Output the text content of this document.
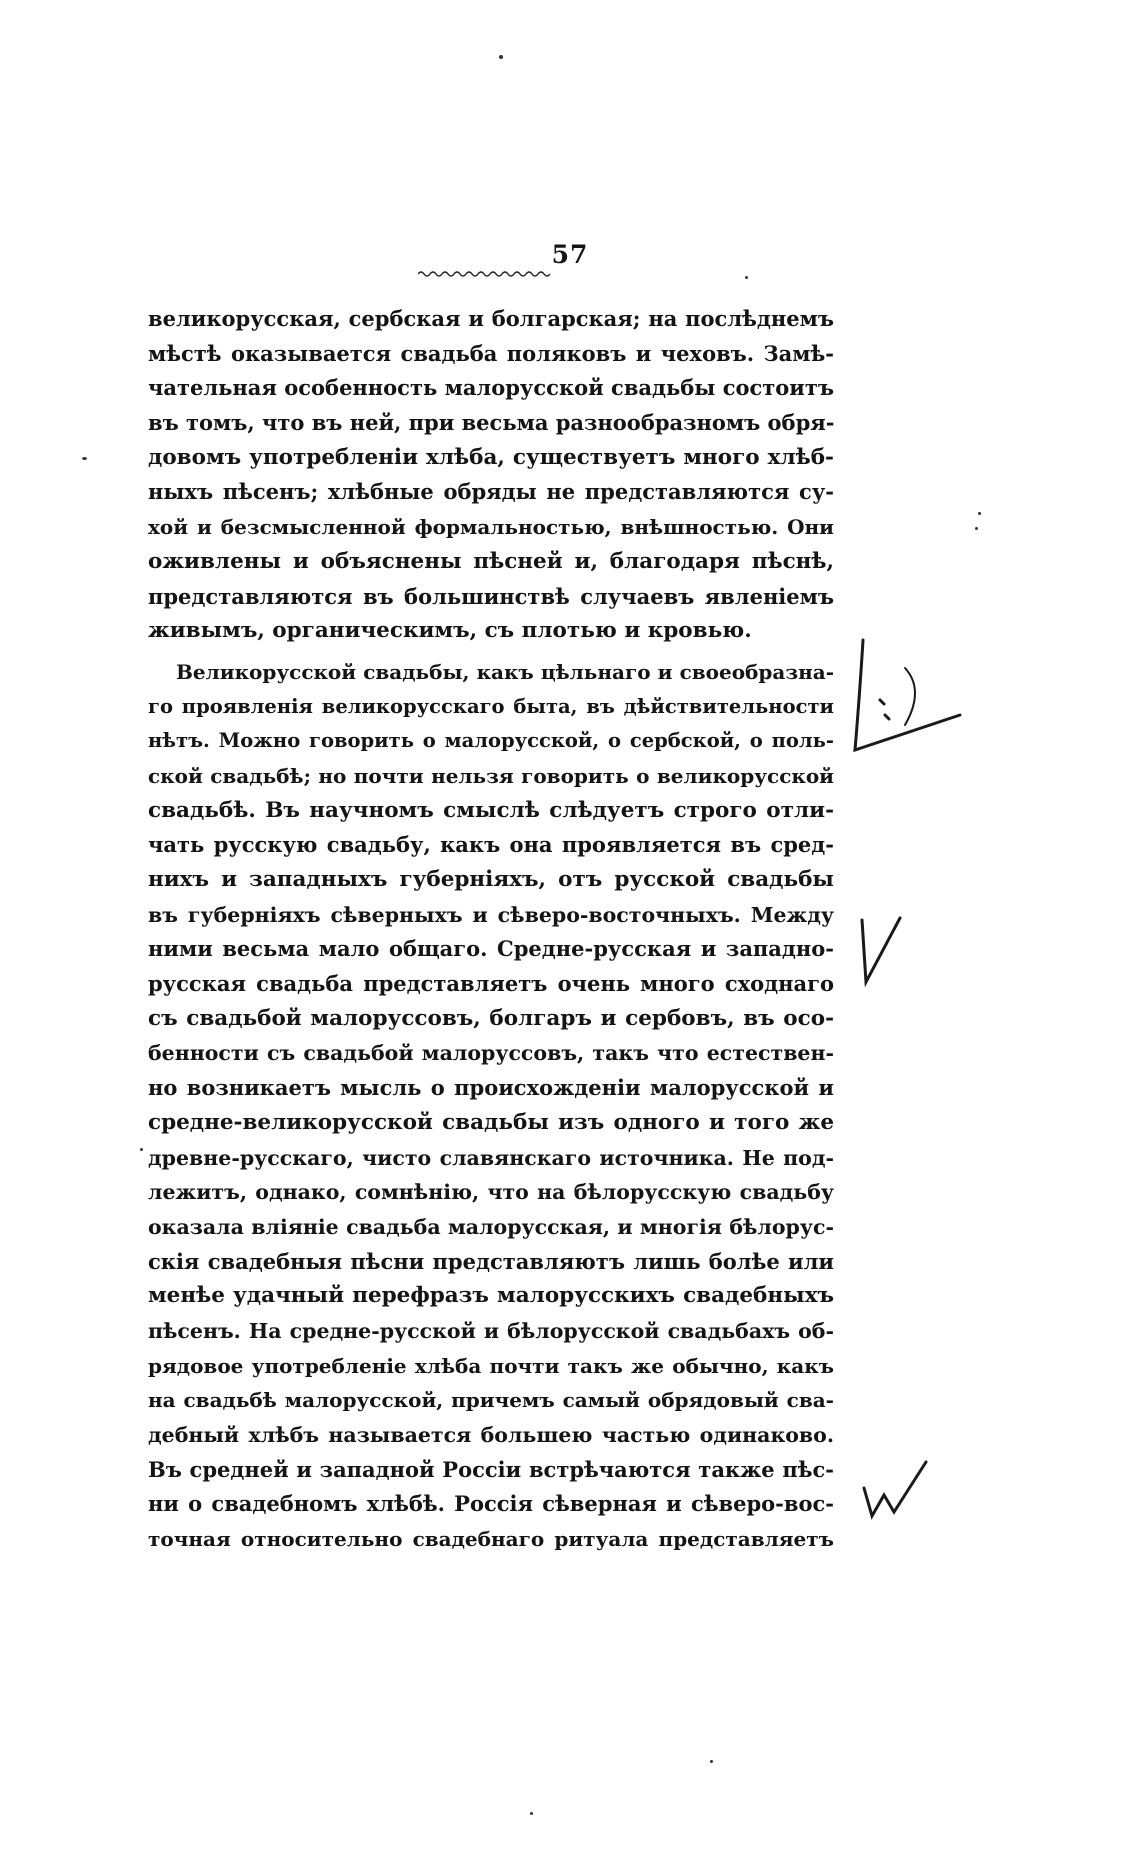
57
великорусская, сербская и болгарская; на послѣднемъ
мѣстѣ оказывается свадьба поляковъ и чеховъ. Замѣ-
чательная особенность малорусской свадьбы состоитъ
въ томъ, что въ ней, при весьма разнообразномъ обря-
довомъ употребленіи хлѣба, существуетъ много хлѣб-
ныхъ пѣсенъ; хлѣбные обряды не представляются су-
хой и безсмысленной формальностью, внѣшностью. Они
оживлены и объяснены пѣсней и, благодаря пѣснѣ,
представляются въ большинствѣ случаевъ явленіемъ
живымъ, органическимъ, съ плотью и кровью.
Великорусской свадьбы, какъ цѣльнаго и своеобразна-
го проявленія великорусскаго быта, въ дѣйствительности
нѣтъ. Можно говорить о малорусской, о сербской, о поль-
ской свадьбѣ; но почти нельзя говорить о великорусской
свадьбѣ. Въ научномъ смыслѣ слѣдуетъ строго отли-
чать русскую свадьбу, какъ она проявляется въ сред-
нихъ и западныхъ губерніяхъ, отъ русской свадьбы
въ губерніяхъ сѣверныхъ и сѣверо-восточныхъ. Между
ними весьма мало общаго. Средне-русская и западно-
русская свадьба представляетъ очень много сходнаго
съ свадьбой малоруссовъ, болгаръ и сербовъ, въ осо-
бенности съ свадьбой малоруссовъ, такъ что естествен-
но возникаетъ мысль о происхожденіи малорусской и
средне-великорусской свадьбы изъ одного и того же
древне-русскаго, чисто славянскаго источника. Не под-
лежитъ, однако, сомнѣнію, что на бѣлорусскую свадьбу
оказала вліяніе свадьба малорусская, и многія бѣлорус-
скія свадебныя пѣсни представляютъ лишь болѣе или
менѣе удачный перефразъ малорусскихъ свадебныхъ
пѣсенъ. На средне-русской и бѣлорусской свадьбахъ об-
рядовое употребленіе хлѣба почти такъ же обычно, какъ
на свадьбѣ малорусской, причемъ самый обрядовый сва-
дебный хлѣбъ называется большею частью одинаково.
Въ средней и западной Россіи встрѣчаются также пѣс-
ни о свадебномъ хлѣбѣ. Россія сѣверная и сѣверо-вос-
точная относительно свадебнаго ритуала представляетъ
